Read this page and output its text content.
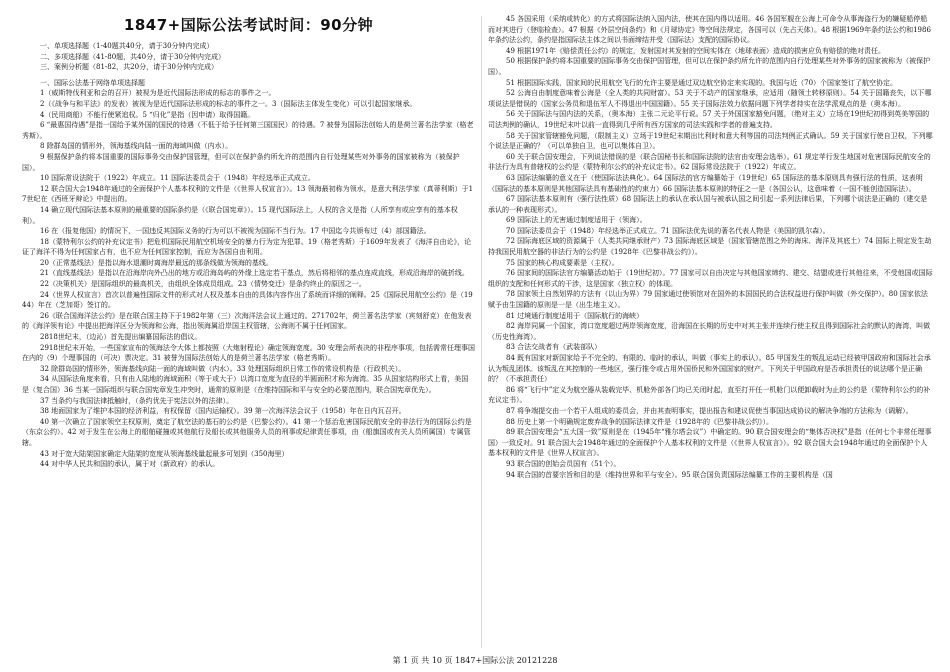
1847+国际公法考试时间：90分钟

一、单项选择题（1-40题共40分，请于30分钟内完成）

二、多项选择题（41-80题，共40分，请于30分钟内完成）

三、案例分析题（81-82，共20分，请于30分钟内完成）

一、国际公法基于网络单项选择题

1（威斯特伐利亚和会的召开）被视为是近代国际法形成的标志的事件之一。

2（《战争与和平法》的发表）被视为是近代国际法形成的标志的事件之一。3（国际法主体发生变化）可以引起国家继承。

4（民用商船）不能行使紧追权。5 “归化”是指（因申请）取得国籍。

6 “最惠国待遇”是指一国给予某外国的国民的待遇（不低于给予任何第三国国民）的待遇。7 被誉为国际法创始人的是荷兰著名法学家（格老秀斯）。

8 除群岛国的情形外，领海基线向陆一面的海域叫做（内水）。

9 根据保护条约将本国重要的国际事务交由保护国管理，但可以在保护条约所允许的范围内自行处理某些对外事务的国家被称为（被保护国）。

10 国际常设法院于（1922）年成立。11 国际法委员会于（1948）年经选举正式成立。

12 联合国大会1948年通过的全面保护个人基本权利的文件是（《世界人权宣言》）。13 领海最初称为领水，是意大利法学家（真蒂利斯）于17世纪在《西班牙辩论》中提出的。

14 确立现代国际法基本原则的最重要的国际条约是（《联合国宪章》）。15 现代国际法上，人权的含义是指（人所享有或应享有的基本权利）。

16 在（报复他国）的情况下，一国违反其国际义务的行为可以不被视为国际不当行为。17 中国迄今共颁布过（4）部国籍法。

18（蒙特利尔公约的补充议定书）把危机国际民用航空机场安全的暴力行为定为犯罪。19（格老秀斯）于1609年发表了《海洋自由论》，论证了海洋不得为任何国家占有，也不应为任何国家控制，而应为各国自由利用。

20（正常基线法）是指以海水退潮时离海岸最远的那条线做为领海的基线。

21（直线基线法）是指以在沿海岸向外凸出的地方或沿海岛屿的外缘上选定若干基点，然后将相邻的基点连成直线，形成沿海岸的破折线。

22（决策机关）是国际组织的最高机关，由组织全体成员组成。23（情势变迁）是条约终止的原因之一。

24（世界人权宣言）首次以普遍性国际文件的形式对人权及基本自由的具体内容作出了系统而详细的阐释。25《国际民用航空公约》是（1944）年在（芝加哥）签订的。

26《联合国海洋法公约》是在联合国主持下于1982年第（三）次海洋法会议上通过的。271702年，荷兰著名法学家（宾刻舒克）在他发表的《海洋领有论》中提出把海洋区分为领海和公海，指出领海属沿岸国主权管辖，公海则不属于任何国家。

2818世纪末，（边沁）首先提出编纂国际法的倡议。

2918世纪末开始，一些国家宣布的领海法令大体上都按照（大炮射程论）确定领海宽度。30 安理会所表决的非程序事项，包括需常任理事国在内的（9）个理事国的（可决）票决定。31 被誉为国际法创始人的是荷兰著名法学家（格老秀斯）。

32 除群岛国的情形外，领海基线向陆一面的海域叫做（内水）。33 处理国际组织日常工作的常设机构是（行政机关）。

34 从国际法角度来看，只有由人陆地的海域面积（等于或大于）以湾口宽度为直径的半圆面积才称为海湾。35 从国家结构形式上看，美国是（复合国）36 当某一国际组织与联合国宪章发生冲突时，通常的原则是（在维持国际和平与安全的必要范围内，联合国宪章优先）。

37 当条约与我国法律抵触时，（条约优先于宪法以外的法律）。

38 地面国家为了维护本国的经济利益，有权保留（国内运输权）。39 第一次海洋法会议于（1958）年在日内瓦召开。

40 第一次确立了国家领空主权原则，奠定了航空法的基石的公约是（巴黎公约）。41 第一个惩治危害国际民航安全的非法行为的国际公约是（东京公约）。42 对于发生在公海上的船舶碰撞或其他航行及船长或其他服务人员的刑事或纪律责任事项，由（船旗国或有关人员所属国）专属管辖。

43 对于宽大陆架国家确定大陆架的宽度从领海基线量起最多可划到（350海里）

44 对中华人民共和国的承认，属于对（新政府）的承认。

45 各国采用（采纳或转化）的方式将国际法纳入国内法，使其在国内得以适用。46 各国军舰在公海上可命令从事海盗行为的嫌疑船停船而对其进行（登临检查）。47 根据《外层空间条约》和《月球协定》等空间法规定，各国可以（先占天体）。48 根据1969年条约法公约和1986年条约法公约，条约是指国际法主体之间以书面缔结并受（国际法）支配的国际协议。

49 根据1971年《赔偿责任公约》的规定，发射国对其发射的空间实体在（地球表面）造成的损害应负有赔偿的绝对责任。

50 根据保护条约将本国重要的国际事务交由保护国管理，但可以在保护条约所允许的范围内自行处理某些对外事务的国家被称为（被保护国）。

51 根据国际实践，国家间的民用航空飞行的允许主要是通过双边航空协定来实现的。我国与近（70）个国家签订了航空协定。

52 公海自由制度意味着公海是（全人类的共同财富）。53 关于不动产的国家继承，应适用（随领土转移原则）。54 关于国籍丧失，以下哪项说法是错误的（国家公务员和退伍军人不得退出中国国籍）。55 关于国际法效力依据问题下列学者持实在法学派观点的是（奥本海）。

56 关于国际法与国内法的关系，（奥本海）主张二元论平行说。57 关于外国国家豁免问题，（绝对主义）立场在19世纪初得到英美等国的司法判例的确认，19世纪末叶以前一直得到几乎所有西方国家的司法实践和学者的普遍支持。

58 关于国家管辖豁免问题，（限制主义）立场于19世纪末期出比利时和意大利等国的司法判例正式确认。59 关于国家行使自卫权，下列哪个说法是正确的？（可以单独自卫，也可以集体自卫）。

60 关于联合国安理会，下列说法错误的是（联合国秘书长和国际法院的法官由安理会选举）。61 规定苹行发生地国对危害国际民航安全的非法行为具有普辖权的公约是（蒙特利尔公约的补充议定书）。62 国际常设法院于（1922）年成立。

63 国际法编纂的意义在于（使国际法法典化）。64 国际法的官方编纂始于（19世纪）65 国际法的基本原则具有强行法的性质，这表明（国际法的基本原则是其他国际法具有基础性的约束力）66 国际法基本原则的特征之一是（各国公认，这意味着（一国不能创造国际法）。

67 国际法基本原则有（强行法性质）68 国际法上的承认在承认国与被承认国之间引起一系列法律后果，下列哪个说法是正确的（建交是承认的一种表现形式）。

69 国际法上的无害通过制度适用于（领海）。

70 国际法委员会于（1948）年经选举正式成立。71 国际法优先说的著名代表人物是（美国的凯尔森）。

72 国际海底区域的资源属于（人类共同继承财产）73 国际海底区域是（国家管辖范围之外的海床、海洋及其底土）74 国际上规定发生劫持我国民用航空器的非法行为的公约是《1928年《巴黎非战公约》）。

75 国家的核心构成要素是（主权）。

76 国家间的国际法官方编纂活动始于（19世纪初）。77 国家可以自由决定与其他国家缔约、建交、结盟或进行其他往来，不受他国或国际组织的支配和任何形式的干涉，这是国家（独立权）的体现。

78 国家领土自然划界的方法有（以山为界）79 国家通过使领馆对在国外的本国国民的合法权益进行保护叫做（外交保护）。80 国家依法赋予由生国籍的原则是一是（出生地主义）。

81 过境通行制度适用于（国际航行的海峡）

82 海岸同属一个国家，湾口宽度超过两岸领海宽度，沿海国在长期的历史中对其主张并连续行使主权且得到国际社会的默认的海湾，叫做（历史性海湾）。

83 合法交战者有（武装部队）

84 既有国家对新国家给予不完全的、有限的、临时的承认，叫做（事实上的承认）。85 甲国发生的叛乱运动已经被甲国政府和国际社会承认为叛乱团体。该叛乱在其控制的一些地区，强行推令或占用外国侨民和外国国家的财产。下列关于甲国政府是否承担责任的说法哪个是正确的？（不承担责任）

86 将“飞行中”定义为航空器从装载完毕、机舱外部各门均已关闭时起，直至打开任一机舱门以便卸载时为止的公约是（蒙特利尔公约的补充议定书）。

87 将争端提交由一个若干人组成的委员会，并由其查明事实，提出报告和建议促使当事国达成协议的解决争端的方法称为（调解）。

88 历史上第一个明确规定废弃战争的国际法律文件是（1928年的《巴黎非战公约》）。

89 联合国安理会“五大国一致”原则是在（1945年“雅尔塔会议”）中确定的。90 联合国安理会的“集体否决权”是指（任何七个非常任理事国）一致反对。91 联合国大会1948年通过的全面保护个人基本权利的文件是（《世界人权宣言》）。92 联合国大会1948年通过的全面保护个人基本权利的文件是《世界人权宣言》。

93 联合国的创始会员国有（51个）。

94 联合国的首要宗旨和目的是（维持世界和平与安全）。95 联合国负责国际法编纂工作的主要机构是（国

第 1 页 共 10 页 1847+国际公法 20121228
